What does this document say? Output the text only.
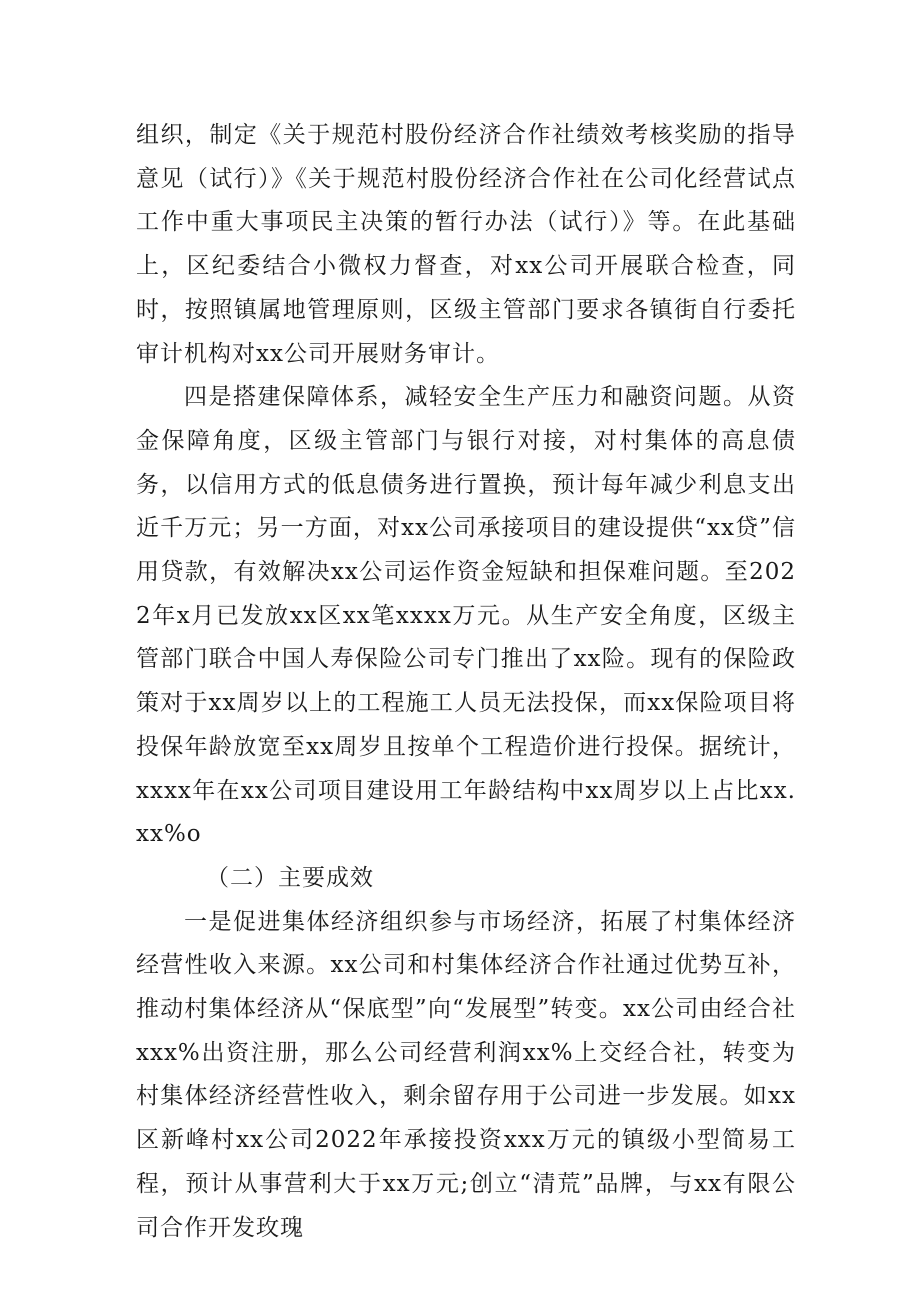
组织，制定《关于规范村股份经济合作社绩效考核奖励的指导意见（试行）》《关于规范村股份经济合作社在公司化经营试点工作中重大事项民主决策的暂行办法（试行）》等。在此基础上，区纪委结合小微权力督查，对xx公司开展联合检查，同时，按照镇属地管理原则，区级主管部门要求各镇街自行委托审计机构对xx公司开展财务审计。

四是搭建保障体系，减轻安全生产压力和融资问题。从资金保障角度，区级主管部门与银行对接，对村集体的高息债务，以信用方式的低息债务进行置换，预计每年减少利息支出近千万元；另一方面，对xx公司承接项目的建设提供“xx贷”信用贷款，有效解决xx公司运作资金短缺和担保难问题。至2022年x月已发放xx区xx笔xxxx万元。从生产安全角度，区级主管部门联合中国人寿保险公司专门推出了xx险。现有的保险政策对于xx周岁以上的工程施工人员无法投保，而xx保险项目将投保年龄放宽至xx周岁且按单个工程造价进行投保。据统计，xxxx年在xx公司项目建设用工年龄结构中xx周岁以上占比xx.xx%o

（二）主要成效

一是促进集体经济组织参与市场经济，拓展了村集体经济经营性收入来源。xx公司和村集体经济合作社通过优势互补，推动村集体经济从“保底型”向“发展型”转变。xx公司由经合社xxx%出资注册，那么公司经营利润xx%上交经合社，转变为村集体经济经营性收入，剩余留存用于公司进一步发展。如xx区新峰村xx公司2022年承接投资xxx万元的镇级小型简易工程，预计从事营利大于xx万元;创立“清荒”品牌，与xx有限公司合作开发玫瑰
